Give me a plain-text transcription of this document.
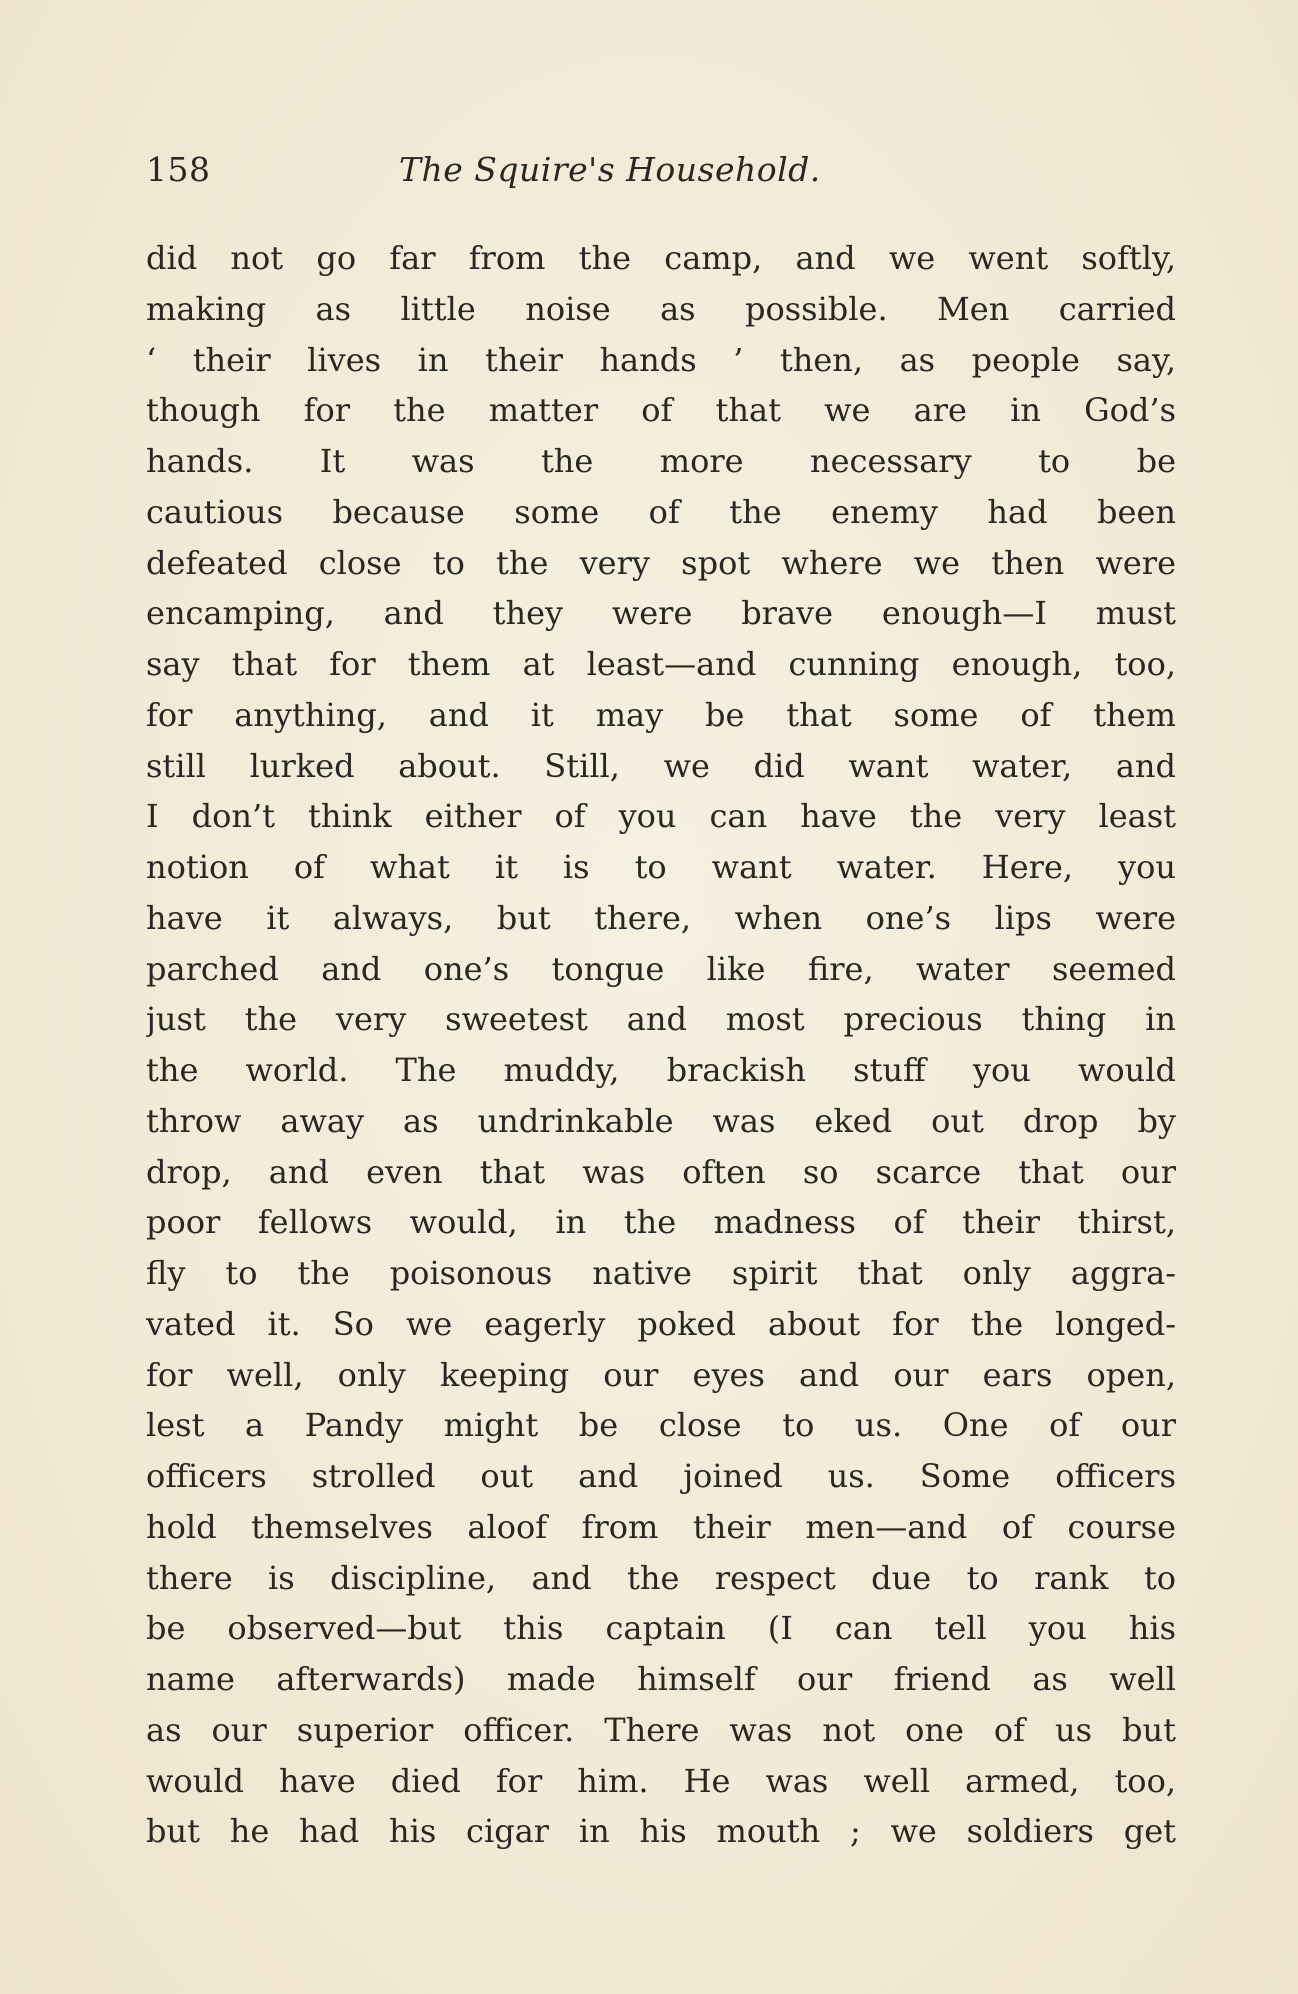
158	The Squire's Household.
did not go far from the camp, and we went softly,
making as little noise as possible. Men carried
‘ their lives in their hands ’ then, as people say,
though for the matter of that we are in God’s
hands. It was the more necessary to be
cautious because some of the enemy had been
defeated close to the very spot where we then were
encamping, and they were brave enough—I must
say that for them at least—and cunning enough, too,
for anything, and it may be that some of them
still lurked about. Still, we did want water, and
I don’t think either of you can have the very least
notion of what it is to want water. Here, you
have it always, but there, when one’s lips were
parched and one’s tongue like fire, water seemed
just the very sweetest and most precious thing in
the world. The muddy, brackish stuff you would
throw away as undrinkable was eked out drop by
drop, and even that was often so scarce that our
poor fellows would, in the madness of their thirst,
fly to the poisonous native spirit that only aggra-
vated it. So we eagerly poked about for the longed-
for well, only keeping our eyes and our ears open,
lest a Pandy might be close to us. One of our
officers strolled out and joined us. Some officers
hold themselves aloof from their men—and of course
there is discipline, and the respect due to rank to
be observed—but this captain (I can tell you his
name afterwards) made himself our friend as well
as our superior officer. There was not one of us but
would have died for him. He was well armed, too,
but he had his cigar in his mouth ; we soldiers get
